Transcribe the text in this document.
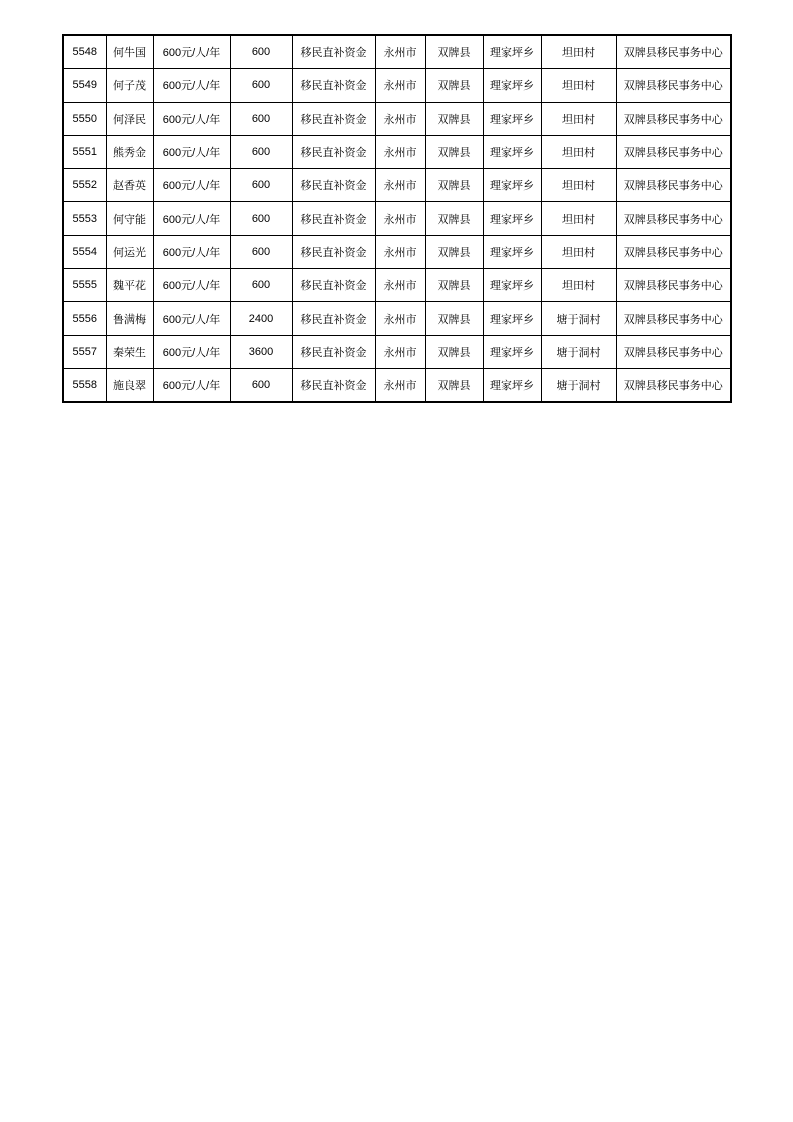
5548	何牛国	600元/人/年	600	移民直补资金	永州市	双牌县	理家坪乡	坦田村	双牌县移民事务中心
5549	何子茂	600元/人/年	600	移民直补资金	永州市	双牌县	理家坪乡	坦田村	双牌县移民事务中心
5550	何泽民	600元/人/年	600	移民直补资金	永州市	双牌县	理家坪乡	坦田村	双牌县移民事务中心
5551	熊秀金	600元/人/年	600	移民直补资金	永州市	双牌县	理家坪乡	坦田村	双牌县移民事务中心
5552	赵香英	600元/人/年	600	移民直补资金	永州市	双牌县	理家坪乡	坦田村	双牌县移民事务中心
5553	何守能	600元/人/年	600	移民直补资金	永州市	双牌县	理家坪乡	坦田村	双牌县移民事务中心
5554	何运光	600元/人/年	600	移民直补资金	永州市	双牌县	理家坪乡	坦田村	双牌县移民事务中心
5555	魏平花	600元/人/年	600	移民直补资金	永州市	双牌县	理家坪乡	坦田村	双牌县移民事务中心
5556	鲁满梅	600元/人/年	2400	移民直补资金	永州市	双牌县	理家坪乡	塘于洞村	双牌县移民事务中心
5557	秦荣生	600元/人/年	3600	移民直补资金	永州市	双牌县	理家坪乡	塘于洞村	双牌县移民事务中心
5558	施良翠	600元/人/年	600	移民直补资金	永州市	双牌县	理家坪乡	塘于洞村	双牌县移民事务中心
